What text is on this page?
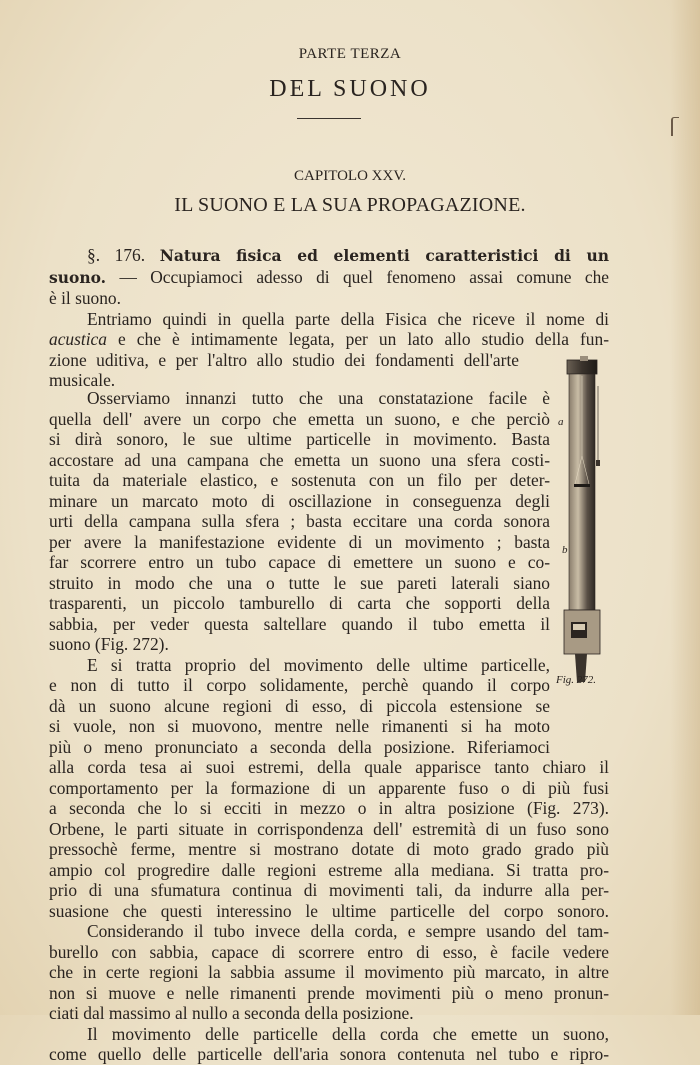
PARTE TERZA
DEL SUONO
CAPITOLO XXV.
IL SUONO E LA SUA PROPAGAZIONE.
§. 176. Natura fisica ed elementi caratteristici di un
suono. — Occupiamoci adesso di quel fenomeno assai comune che
è il suono.
Entriamo quindi in quella parte della Fisica che riceve il nome di
acustica e che è intimamente legata, per un lato allo studio della fun-
zione uditiva, e per l'altro allo studio dei fondamenti dell'arte
musicale.
Osserviamo innanzi tutto che una constatazione facile è
quella dell' avere un corpo che emetta un suono, e che perciò
si dirà sonoro, le sue ultime particelle in movimento. Basta
accostare ad una campana che emetta un suono una sfera costi-
tuita da materiale elastico, e sostenuta con un filo per deter-
minare un marcato moto di oscillazione in conseguenza degli
urti della campana sulla sfera ; basta eccitare una corda sonora
per avere la manifestazione evidente di un movimento ; basta
far scorrere entro un tubo capace di emettere un suono e co-
struito in modo che una o tutte le sue pareti laterali siano
trasparenti, un piccolo tamburello di carta che sopporti della
sabbia, per veder questa saltellare quando il tubo emetta il
suono (Fig. 272).
E si tratta proprio del movimento delle ultime particelle,
e non di tutto il corpo solidamente, perchè quando il corpo
dà un suono alcune regioni di esso, di piccola estensione se
si vuole, non si muovono, mentre nelle rimanenti si ha moto
più o meno pronunciato a seconda della posizione. Riferiamoci
alla corda tesa ai suoi estremi, della quale apparisce tanto chiaro il
comportamento per la formazione di un apparente fuso o di più fusi
a seconda che lo si ecciti in mezzo o in altra posizione (Fig. 273).
Orbene, le parti situate in corrispondenza dell' estremità di un fuso sono
pressochè ferme, mentre si mostrano dotate di moto grado grado più
ampio col progredire dalle regioni estreme alla mediana. Si tratta pro-
prio di una sfumatura continua di movimenti tali, da indurre alla per-
suasione che questi interessino le ultime particelle del corpo sonoro.
Considerando il tubo invece della corda, e sempre usando del tam-
burello con sabbia, capace di scorrere entro di esso, è facile vedere
che in certe regioni la sabbia assume il movimento più marcato, in altre
non si muove e nelle rimanenti prende movimenti più o meno pronun-
ciati dal massimo al nullo a seconda della posizione.
Il movimento delle particelle della corda che emette un suono,
come quello delle particelle dell'aria sonora contenuta nel tubo e ripro-
a
b
Fig. 272.
